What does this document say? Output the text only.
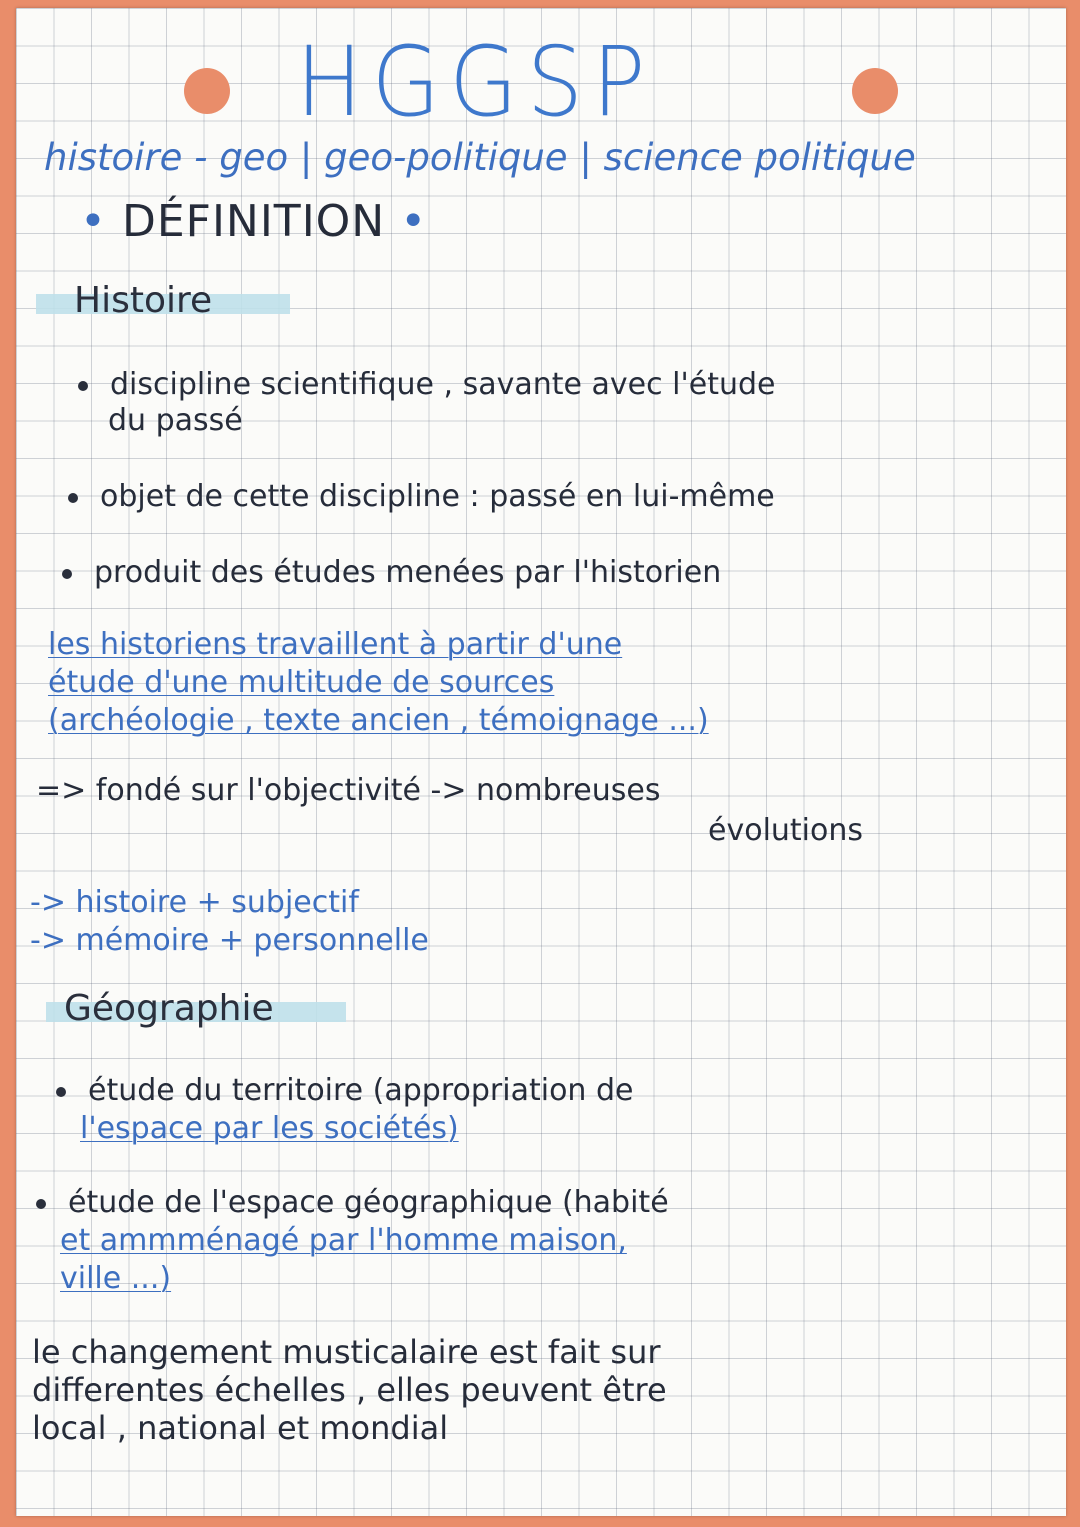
HGGSP
histoire - geo | geo-politique | science politique
• DÉFINITION •
Histoire
discipline scientifique , savante avec l'étude
du passé
objet de cette discipline : passé en lui-même
produit des études menées par l'historien
les historiens travaillent à partir d'une
étude d'une multitude de sources
(archéologie , texte ancien , témoignage ...)
=> fondé sur l'objectivité -> nombreuses
évolutions
-> histoire + subjectif
-> mémoire + personnelle
Géographie
étude du territoire (appropriation de
l'espace par les sociétés)
étude de l'espace géographique (habité
et ammménagé par l'homme maison,
ville ...)
le changement musticalaire est fait sur
differentes échelles , elles peuvent être
local , national et mondial
